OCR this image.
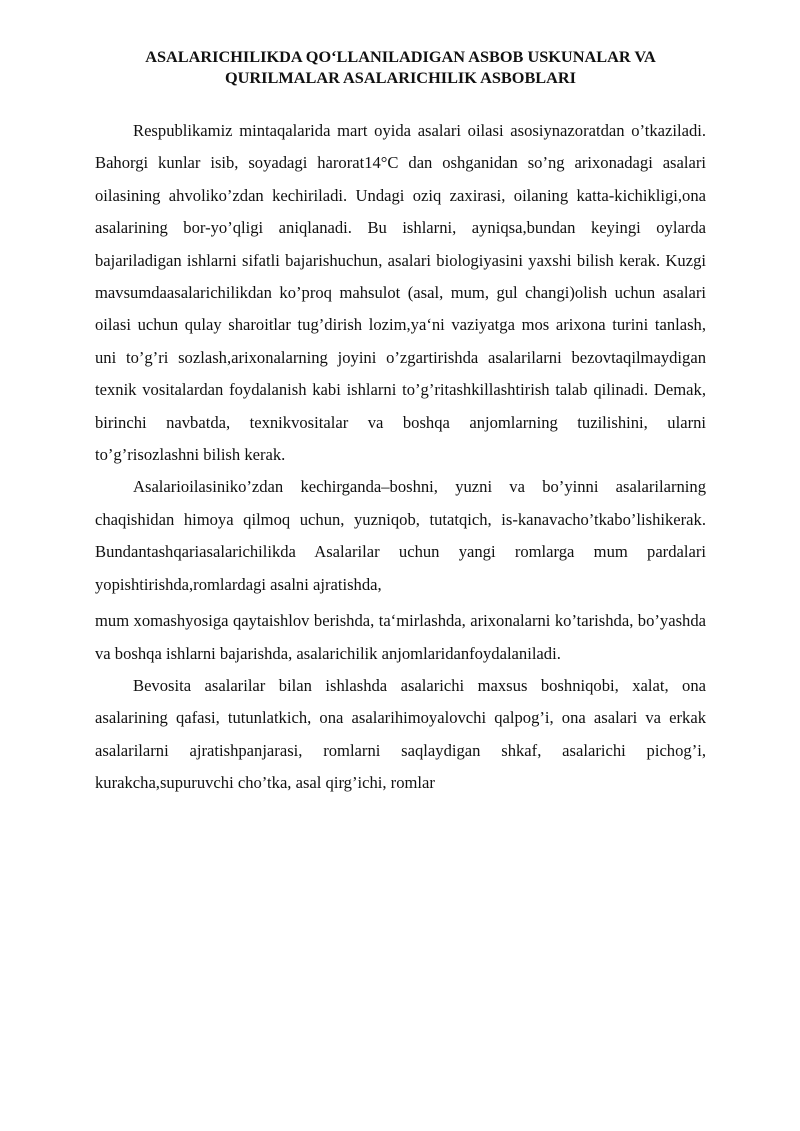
ASALARICHILIKDA QO‘LLANILADIGAN ASBOB USKUNALAR VA
QURILMALAR ASALARICHILIK ASBOBLARI

Respublikamiz mintaqalarida mart oyida asalari oilasi asosiynazoratdan o’tkaziladi. Bahorgi kunlar isib, soyadagi harorat14°C dan oshganidan so’ng arixonadagi asalari oilasining ahvoliko’zdan kechiriladi. Undagi oziq zaxirasi, oilaning katta-kichikligi,ona asalarining bor-yo’qligi aniqlanadi. Bu ishlarni, ayniqsa,bundan keyingi oylarda bajariladigan ishlarni sifatli bajarishuchun, asalari biologiyasini yaxshi bilish kerak. Kuzgi mavsumdaasalarichilikdan ko’proq mahsulot (asal, mum, gul changi)olish uchun asalari oilasi uchun qulay sharoitlar tug’dirish lozim,ya‘ni vaziyatga mos arixona turini tanlash, uni to’g’ri sozlash,arixonalarning joyini o’zgartirishda asalarilarni bezovtaqilmaydigan texnik vositalardan foydalanish kabi ishlarni to’g’ritashkillashtirish talab qilinadi. Demak, birinchi navbatda, texnikvositalar va boshqa anjomlarning tuzilishini, ularni to’g’risozlashni bilish kerak.

Asalarioilasiniko’zdan kechirganda–boshni, yuzni va bo’yinni asalarilarning chaqishidan himoya qilmoq uchun, yuzniqob, tutatqich, is-kanavacho’tkabo’lishikerak. Bundantashqariasalarichilikda Asalarilar uchun yangi romlarga mum pardalari yopishtirishda,romlardagi asalni ajratishda,

mum xomashyosiga qaytaishlov berishda, ta‘mirlashda, arixonalarni ko’tarishda, bo’yashda va boshqa ishlarni bajarishda, asalarichilik anjomlaridanfoydalaniladi.

Bevosita asalarilar bilan ishlashda asalarichi maxsus boshniqobi, xalat, ona asalarining qafasi, tutunlatkich, ona asalarihimoyalovchi qalpog’i, ona asalari va erkak asalarilarni ajratishpanjarasi, romlarni saqlaydigan shkaf, asalarichi pichog’i, kurakcha,supuruvchi cho’tka, asal qirg’ichi, romlar
